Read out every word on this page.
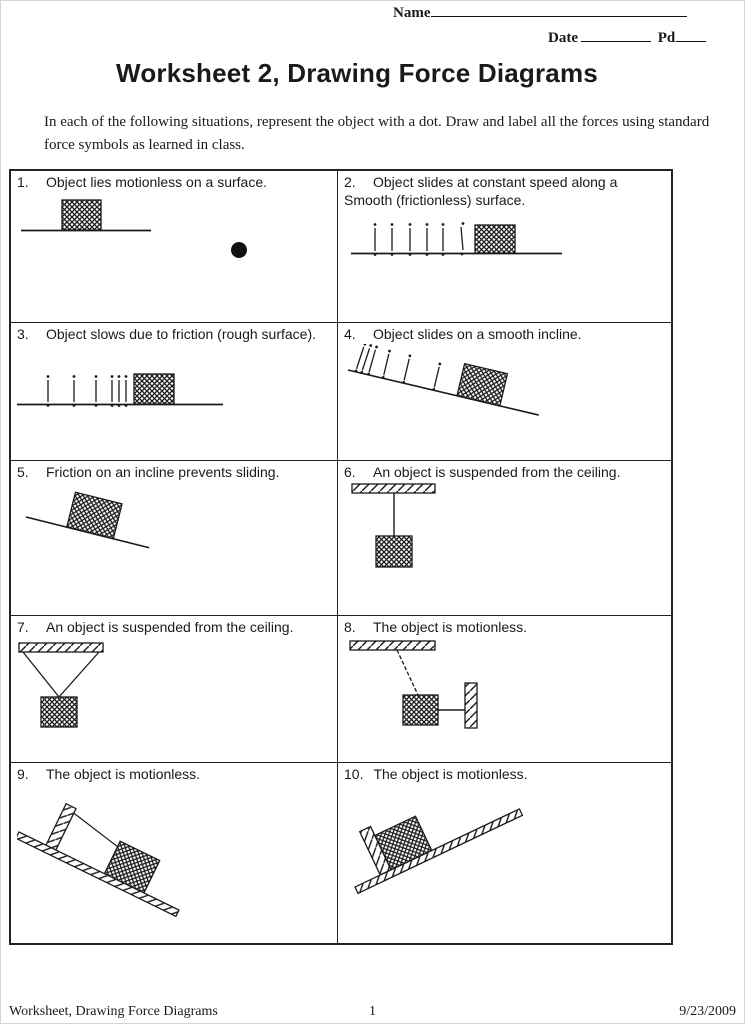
Name
Date	Pd
Worksheet 2, Drawing Force Diagrams

In each of the following situations, represent the object with a dot. Draw and label all the forces using standard force symbols as learned in class.

1. Object lies motionless on a surface.	2. Object slides at constant speed along a Smooth (frictionless) surface.

3. Object slows due to friction (rough surface).	4. Object slides on a smooth incline.

5. Friction on an incline prevents sliding.	6. An object is suspended from the ceiling.

7. An object is suspended from the ceiling.	8. The object is motionless.

9. The object is motionless.	10. The object is motionless.

Worksheet, Drawing Force Diagrams	1	9/23/2009
